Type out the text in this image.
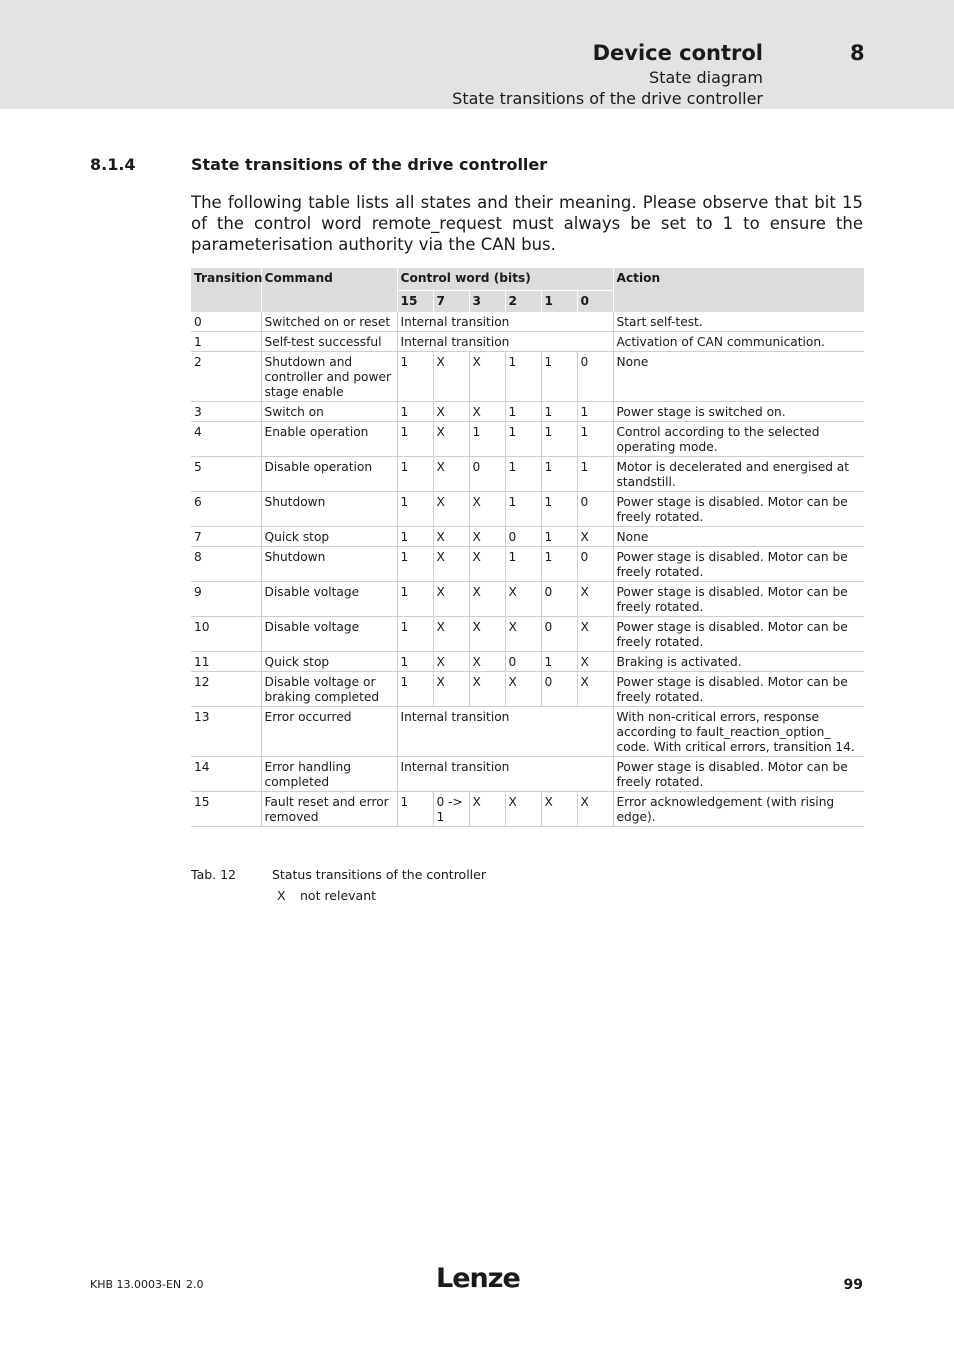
Device control	8
State diagram
State transitions of the drive controller
8.1.4	State transitions of the drive controller

The following table lists all states and their meaning. Please observe that bit 15 of the control word remote_request must always be set to 1 to ensure the parameterisation authority via the CAN bus.

Transition	Command	Control word (bits)						Action
		15	7	3	2	1	0	
0	Switched on or reset	Internal transition						Start self-test.
1	Self-test successful	Internal transition						Activation of CAN communication.
2	Shutdown and controller and power stage enable	1	X	X	1	1	0	None
3	Switch on	1	X	X	1	1	1	Power stage is switched on.
4	Enable operation	1	X	1	1	1	1	Control according to the selected operating mode.
5	Disable operation	1	X	0	1	1	1	Motor is decelerated and energised at standstill.
6	Shutdown	1	X	X	1	1	0	Power stage is disabled. Motor can be freely rotated.
7	Quick stop	1	X	X	0	1	X	None
8	Shutdown	1	X	X	1	1	0	Power stage is disabled. Motor can be freely rotated.
9	Disable voltage	1	X	X	X	0	X	Power stage is disabled. Motor can be freely rotated.
10	Disable voltage	1	X	X	X	0	X	Power stage is disabled. Motor can be freely rotated.
11	Quick stop	1	X	X	0	1	X	Braking is activated.
12	Disable voltage or braking completed	1	X	X	X	0	X	Power stage is disabled. Motor can be freely rotated.
13	Error occurred	Internal transition						With non-critical errors, response according to fault_reaction_option_ code. With critical errors, transition 14.
14	Error handling completed	Internal transition						Power stage is disabled. Motor can be freely rotated.
15	Fault reset and error removed	1	0 -> 1	X	X	X	X	Error acknowledgement (with rising edge).
Tab. 12	Status transitions of the controller
X not relevant
KHB 13.0003-EN 2.0	Lenze	99
